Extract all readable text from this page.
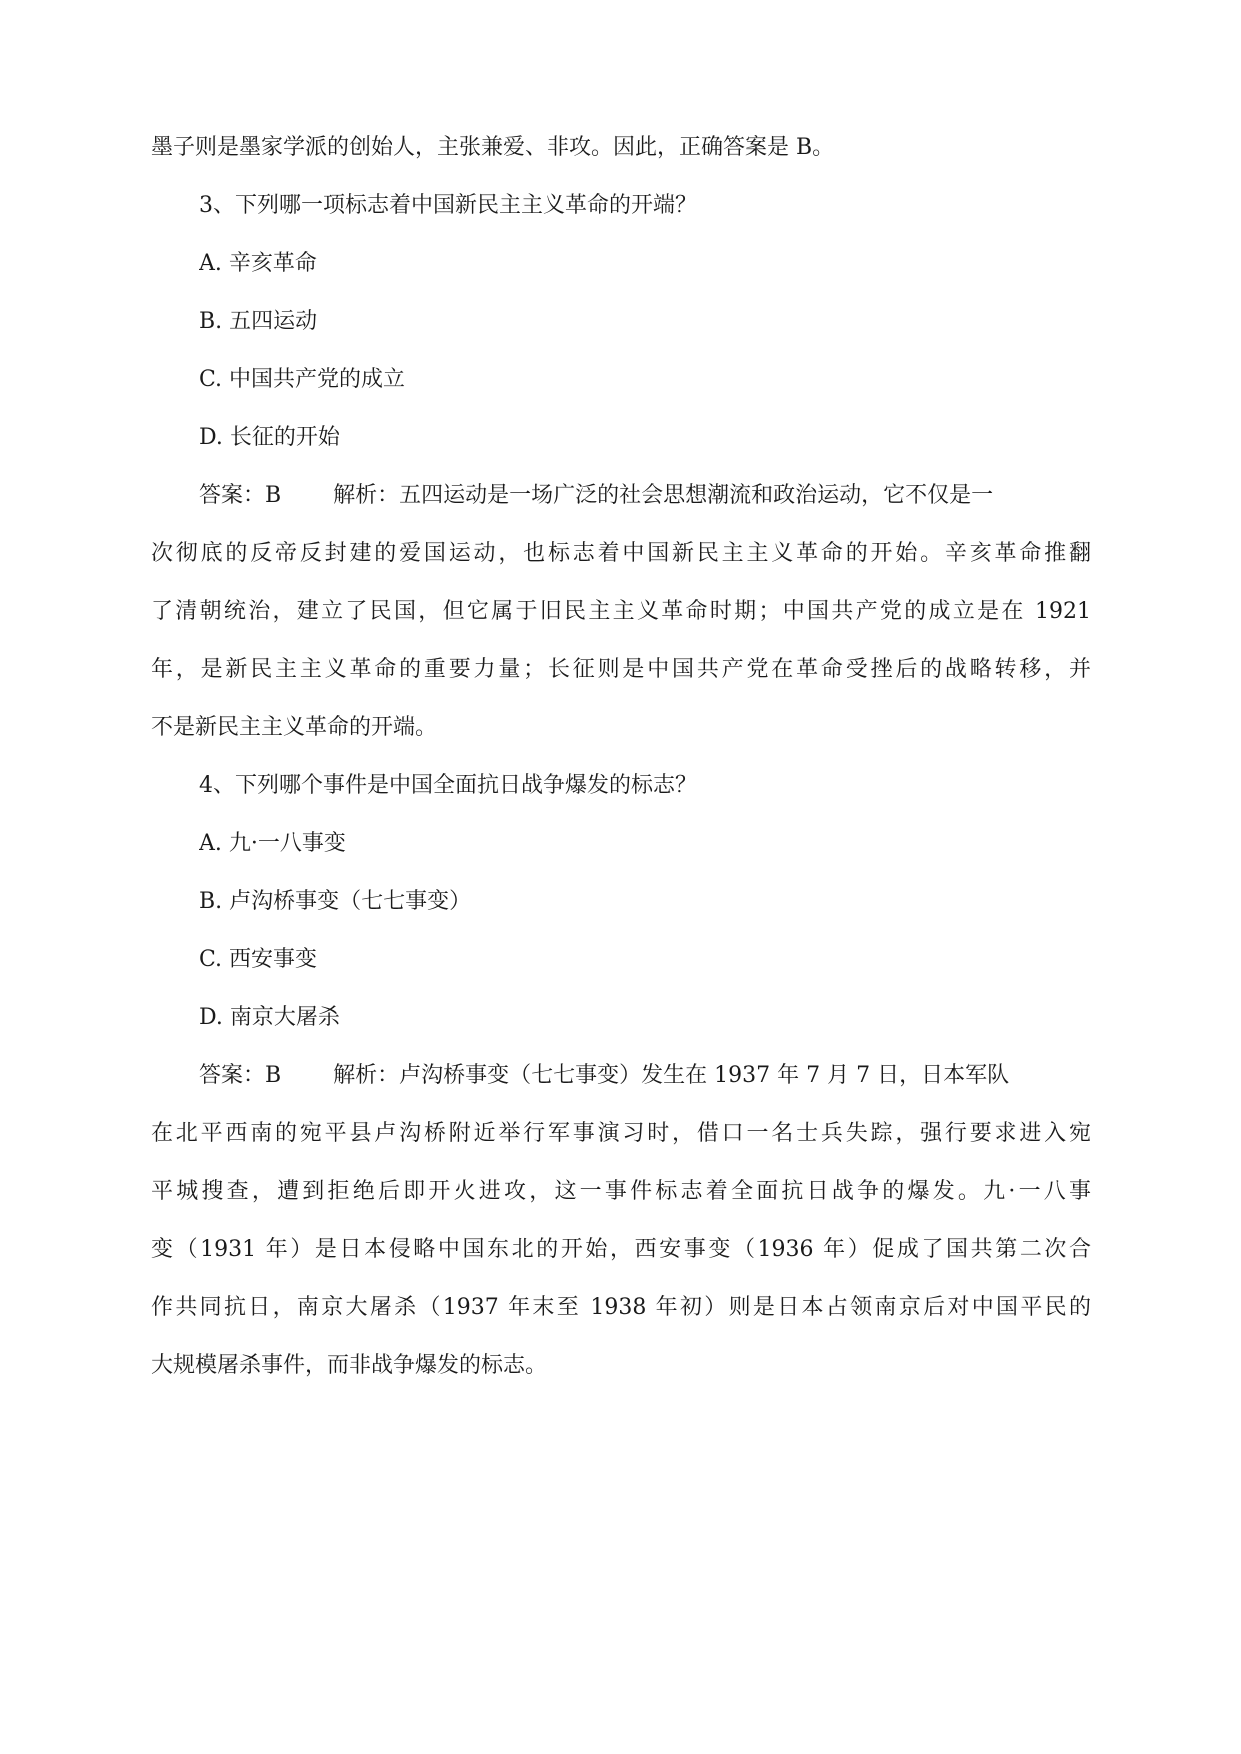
墨子则是墨家学派的创始人，主张兼爱、非攻。因此，正确答案是 B。
3、下列哪一项标志着中国新民主主义革命的开端？
A. 辛亥革命
B. 五四运动
C. 中国共产党的成立
D. 长征的开始
答案：B 解析：五四运动是一场广泛的社会思想潮流和政治运动，它不仅是一
次彻底的反帝反封建的爱国运动，也标志着中国新民主主义革命的开始。辛亥革命推翻
了清朝统治，建立了民国，但它属于旧民主主义革命时期；中国共产党的成立是在 1921
年，是新民主主义革命的重要力量；长征则是中国共产党在革命受挫后的战略转移，并
不是新民主主义革命的开端。
4、下列哪个事件是中国全面抗日战争爆发的标志？
A. 九·一八事变
B. 卢沟桥事变（七七事变）
C. 西安事变
D. 南京大屠杀
答案：B 解析：卢沟桥事变（七七事变）发生在 1937 年 7 月 7 日，日本军队
在北平西南的宛平县卢沟桥附近举行军事演习时，借口一名士兵失踪，强行要求进入宛
平城搜查，遭到拒绝后即开火进攻，这一事件标志着全面抗日战争的爆发。九·一八事
变（1931 年）是日本侵略中国东北的开始，西安事变（1936 年）促成了国共第二次合
作共同抗日，南京大屠杀（1937 年末至 1938 年初）则是日本占领南京后对中国平民的
大规模屠杀事件，而非战争爆发的标志。
